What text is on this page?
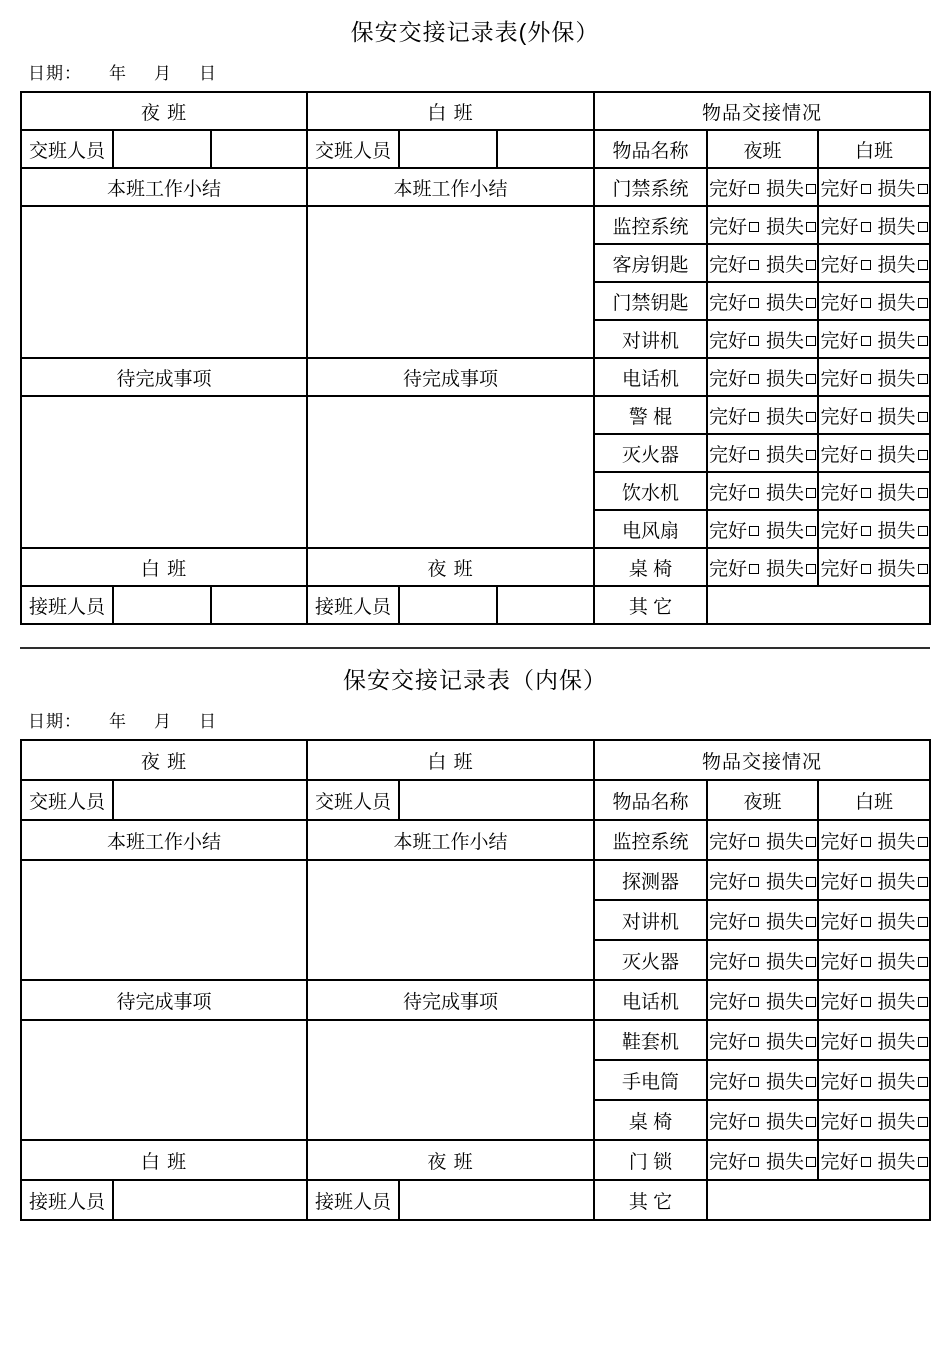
保安交接记录表(外保）
日期： 年 月 日
夜 班			白 班			物品交接情况		
交班人员			交班人员			物品名称	夜班	白班
本班工作小结			本班工作小结			门禁系统	完好 损失	完好 损失
						监控系统	完好 损失	完好 损失
						客房钥匙	完好 损失	完好 损失
						门禁钥匙	完好 损失	完好 损失
						对讲机	完好 损失	完好 损失
待完成事项			待完成事项			电话机	完好 损失	完好 损失
						警 棍	完好 损失	完好 损失
						灭火器	完好 损失	完好 损失
						饮水机	完好 损失	完好 损失
						电风扇	完好 损失	完好 损失
白 班			夜 班			桌 椅	完好 损失	完好 损失
接班人员			接班人员			其 它		
保安交接记录表（内保）
日期： 年 月 日
夜 班		白 班		物品交接情况		
交班人员		交班人员		物品名称	夜班	白班
本班工作小结		本班工作小结		监控系统	完好 损失	完好 损失
				探测器	完好 损失	完好 损失
				对讲机	完好 损失	完好 损失
				灭火器	完好 损失	完好 损失
待完成事项		待完成事项		电话机	完好 损失	完好 损失
				鞋套机	完好 损失	完好 损失
				手电筒	完好 损失	完好 损失
				桌 椅	完好 损失	完好 损失
白 班		夜 班		门 锁	完好 损失	完好 损失
接班人员		接班人员		其 它		
